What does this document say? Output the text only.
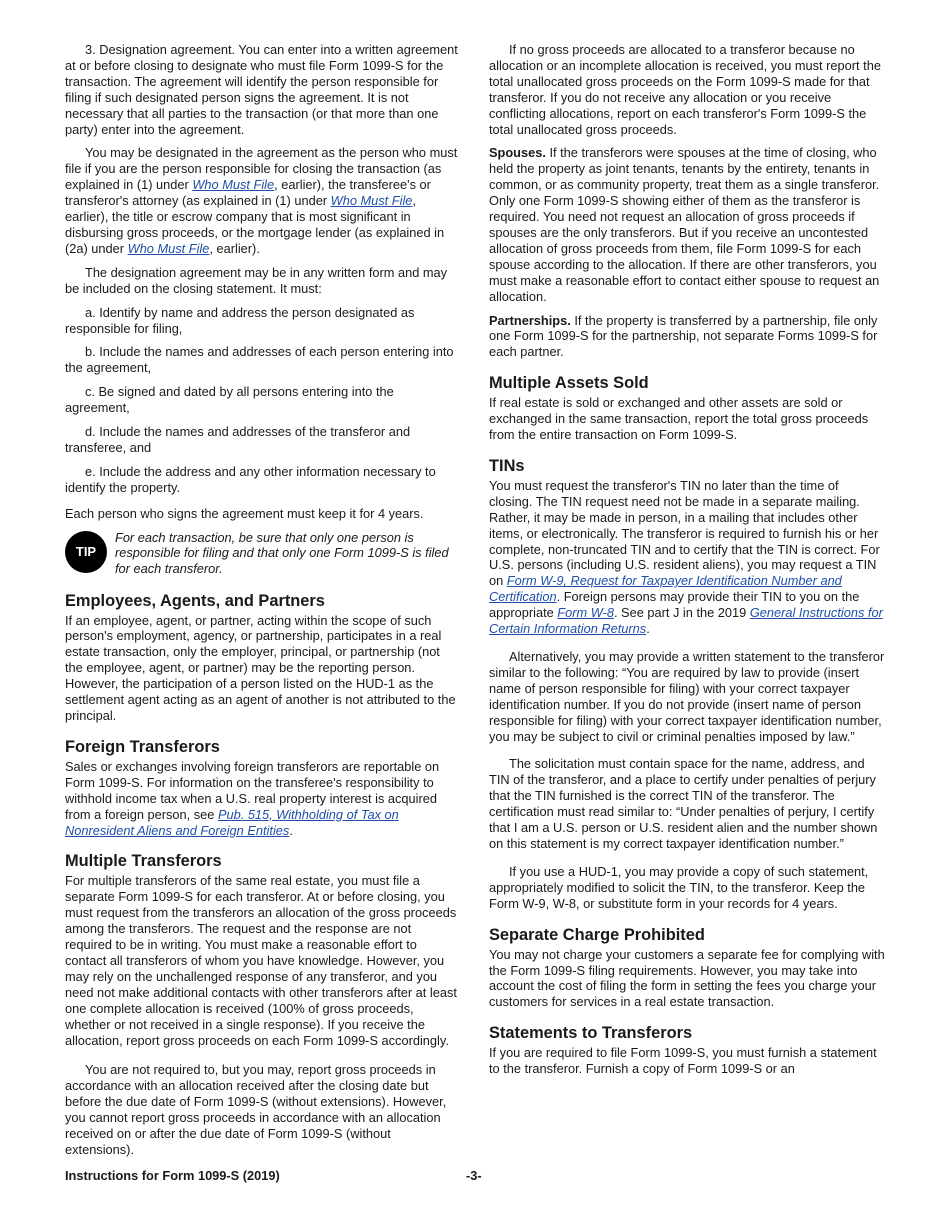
3. Designation agreement. You can enter into a written agreement at or before closing to designate who must file Form 1099-S for the transaction. The agreement will identify the person responsible for filing if such designated person signs the agreement. It is not necessary that all parties to the transaction (or that more than one party) enter into the agreement.

You may be designated in the agreement as the person who must file if you are the person responsible for closing the transaction (as explained in (1) under Who Must File, earlier), the transferee's or transferor's attorney (as explained in (1) under Who Must File, earlier), the title or escrow company that is most significant in disbursing gross proceeds, or the mortgage lender (as explained in (2a) under Who Must File, earlier).

The designation agreement may be in any written form and may be included on the closing statement. It must:

a. Identify by name and address the person designated as responsible for filing,

b. Include the names and addresses of each person entering into the agreement,

c. Be signed and dated by all persons entering into the agreement,

d. Include the names and addresses of the transferor and transferee, and

e. Include the address and any other information necessary to identify the property.

Each person who signs the agreement must keep it for 4 years.

TIP
For each transaction, be sure that only one person is responsible for filing and that only one Form 1099-S is filed for each transferor.
Employees, Agents, and Partners

If an employee, agent, or partner, acting within the scope of such person's employment, agency, or partnership, participates in a real estate transaction, only the employer, principal, or partnership (not the employee, agent, or partner) may be the reporting person. However, the participation of a person listed on the HUD-1 as the settlement agent acting as an agent of another is not attributed to the principal.

Foreign Transferors

Sales or exchanges involving foreign transferors are reportable on Form 1099-S. For information on the transferee's responsibility to withhold income tax when a U.S. real property interest is acquired from a foreign person, see Pub. 515, Withholding of Tax on Nonresident Aliens and Foreign Entities.

Multiple Transferors

For multiple transferors of the same real estate, you must file a separate Form 1099-S for each transferor. At or before closing, you must request from the transferors an allocation of the gross proceeds among the transferors. The request and the response are not required to be in writing. You must make a reasonable effort to contact all transferors of whom you have knowledge. However, you may rely on the unchallenged response of any transferor, and you need not make additional contacts with other transferors after at least one complete allocation is received (100% of gross proceeds, whether or not received in a single response). If you receive the allocation, report gross proceeds on each Form 1099-S accordingly.

You are not required to, but you may, report gross proceeds in accordance with an allocation received after the closing date but before the due date of Form 1099-S (without extensions). However, you cannot report gross proceeds in accordance with an allocation received on or after the due date of Form 1099-S (without extensions).

If no gross proceeds are allocated to a transferor because no allocation or an incomplete allocation is received, you must report the total unallocated gross proceeds on the Form 1099-S made for that transferor. If you do not receive any allocation or you receive conflicting allocations, report on each transferor's Form 1099-S the total unallocated gross proceeds.

Spouses. If the transferors were spouses at the time of closing, who held the property as joint tenants, tenants by the entirety, tenants in common, or as community property, treat them as a single transferor. Only one Form 1099-S showing either of them as the transferor is required. You need not request an allocation of gross proceeds if spouses are the only transferors. But if you receive an uncontested allocation of gross proceeds from them, file Form 1099-S for each spouse according to the allocation. If there are other transferors, you must make a reasonable effort to contact either spouse to request an allocation.

Partnerships. If the property is transferred by a partnership, file only one Form 1099-S for the partnership, not separate Forms 1099-S for each partner.

Multiple Assets Sold

If real estate is sold or exchanged and other assets are sold or exchanged in the same transaction, report the total gross proceeds from the entire transaction on Form 1099-S.

TINs

You must request the transferor's TIN no later than the time of closing. The TIN request need not be made in a separate mailing. Rather, it may be made in person, in a mailing that includes other items, or electronically. The transferor is required to furnish his or her complete, non-truncated TIN and to certify that the TIN is correct. For U.S. persons (including U.S. resident aliens), you may request a TIN on Form W-9, Request for Taxpayer Identification Number and Certification. Foreign persons may provide their TIN to you on the appropriate Form W-8. See part J in the 2019 General Instructions for Certain Information Returns.

Alternatively, you may provide a written statement to the transferor similar to the following: “You are required by law to provide (insert name of person responsible for filing) with your correct taxpayer identification number. If you do not provide (insert name of person responsible for filing) with your correct taxpayer identification number, you may be subject to civil or criminal penalties imposed by law.”

The solicitation must contain space for the name, address, and TIN of the transferor, and a place to certify under penalties of perjury that the TIN furnished is the correct TIN of the transferor. The certification must read similar to: “Under penalties of perjury, I certify that I am a U.S. person or U.S. resident alien and the number shown on this statement is my correct taxpayer identification number.”

If you use a HUD-1, you may provide a copy of such statement, appropriately modified to solicit the TIN, to the transferor. Keep the Form W-9, W-8, or substitute form in your records for 4 years.

Separate Charge Prohibited

You may not charge your customers a separate fee for complying with the Form 1099-S filing requirements. However, you may take into account the cost of filing the form in setting the fees you charge your customers for services in a real estate transaction.

Statements to Transferors

If you are required to file Form 1099-S, you must furnish a statement to the transferor. Furnish a copy of Form 1099-S or an

Instructions for Form 1099-S (2019)	-3-
